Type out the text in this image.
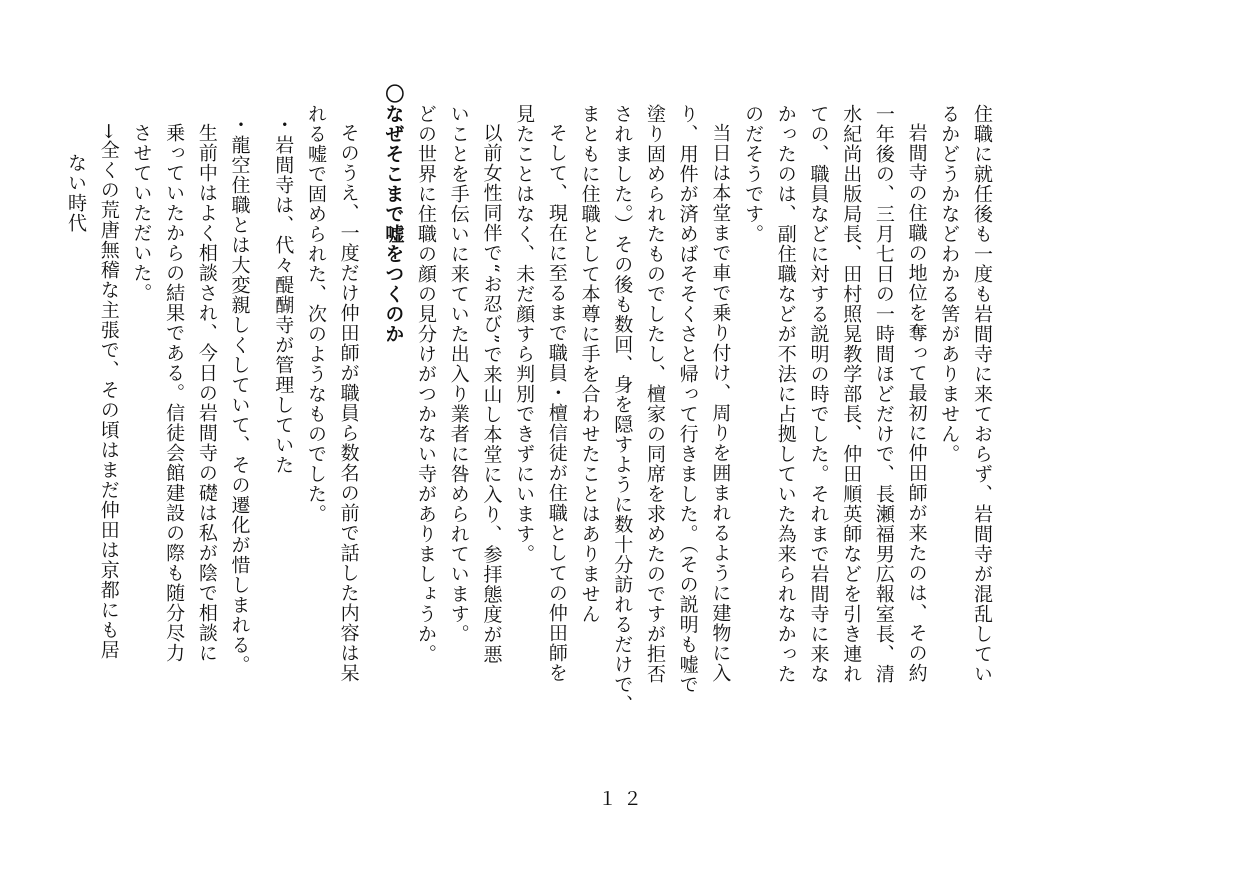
住職に就任後も一度も岩間寺に来ておらず、岩間寺が混乱してい
るかどうかなどわかる筈がありません。
岩間寺の住職の地位を奪って最初に仲田師が来たのは、その約
一年後の、三月七日の一時間ほどだけで、長瀬福男広報室長、清
水紀尚出版局長、田村照晃教学部長、仲田順英師などを引き連れ
ての、職員などに対する説明の時でした。それまで岩間寺に来な
かったのは、副住職などが不法に占拠していた為来られなかった
のだそうです。
当日は本堂まで車で乗り付け、周りを囲まれるように建物に入
り、用件が済めばそそくさと帰って行きました。（その説明も嘘で
塗り固められたものでしたし、檀家の同席を求めたのですが拒否
されました。）その後も数回、身を隠すように数十分訪れるだけで、
まともに住職として本尊に手を合わせたことはありません
そして、現在に至るまで職員・檀信徒が住職としての仲田師を
見たことはなく、未だ顔すら判別できずにいます。
以前女性同伴で“お忍び”で来山し本堂に入り、参拝態度が悪
いことを手伝いに来ていた出入り業者に咎められています。
どの世界に住職の顔の見分けがつかない寺がありましょうか。
〇なぜそこまで嘘をつくのか
そのうえ、一度だけ仲田師が職員ら数名の前で話した内容は呆
れる嘘で固められた、次のようなものでした。
・岩間寺は、代々醍醐寺が管理していた
・龍空住職とは大変親しくしていて、その遷化が惜しまれる。
生前中はよく相談され、今日の岩間寺の礎は私が陰で相談に
乗っていたからの結果である。信徒会館建設の際も随分尽力
させていただいた。
→全くの荒唐無稽な主張で、その頃はまだ仲田は京都にも居
ない時代
１２
